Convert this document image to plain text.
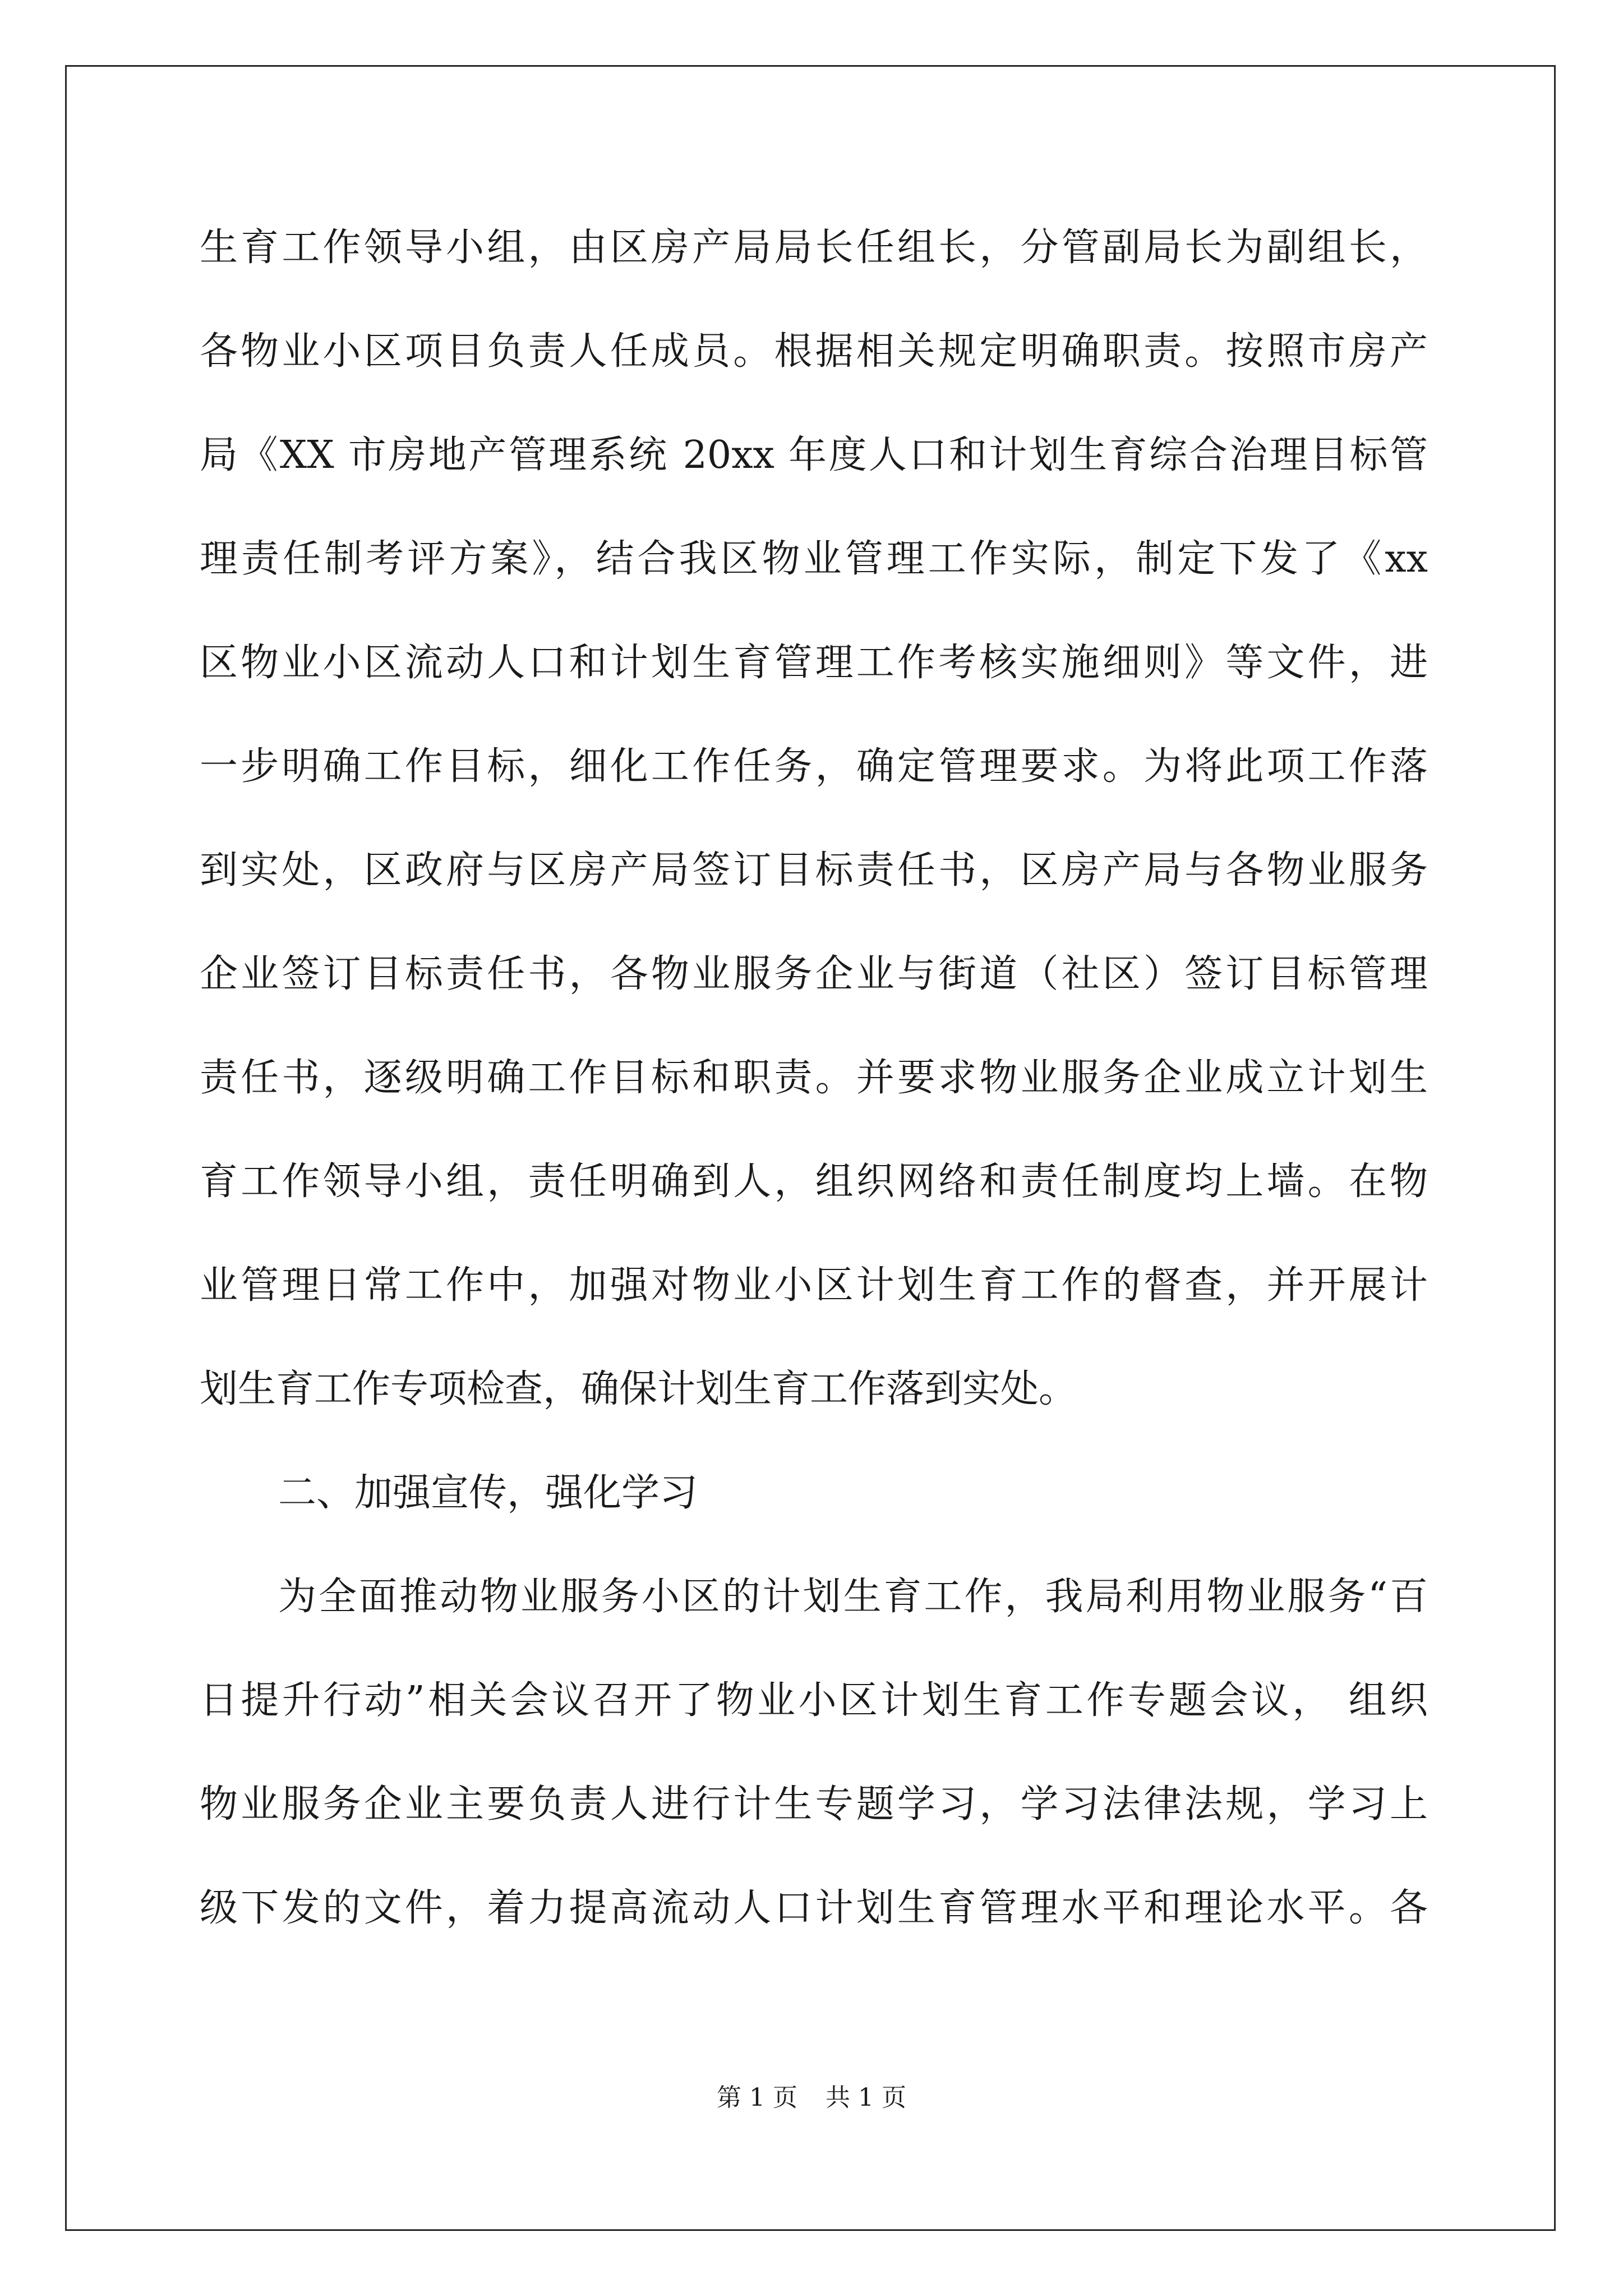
生育工作领导小组，由区房产局局长任组长，分管副局长为副组长，
各物业小区项目负责人任成员。根据相关规定明确职责。按照市房产
局《XX 市房地产管理系统 20xx 年度人口和计划生育综合治理目标管
理责任制考评方案》，结合我区物业管理工作实际，制定下发了《xx
区物业小区流动人口和计划生育管理工作考核实施细则》等文件，进
一步明确工作目标，细化工作任务，确定管理要求。为将此项工作落
到实处，区政府与区房产局签订目标责任书，区房产局与各物业服务
企业签订目标责任书，各物业服务企业与街道（社区）签订目标管理
责任书，逐级明确工作目标和职责。并要求物业服务企业成立计划生
育工作领导小组，责任明确到人，组织网络和责任制度均上墙。在物
业管理日常工作中，加强对物业小区计划生育工作的督查，并开展计
划生育工作专项检查，确保计划生育工作落到实处。
二、加强宣传，强化学习
为全面推动物业服务小区的计划生育工作，我局利用物业服务“百
日提升行动”相关会议召开了物业小区计划生育工作专题会议， 组织
物业服务企业主要负责人进行计生专题学习，学习法律法规，学习上
级下发的文件，着力提高流动人口计划生育管理水平和理论水平。各
第 1 页 共 1 页
